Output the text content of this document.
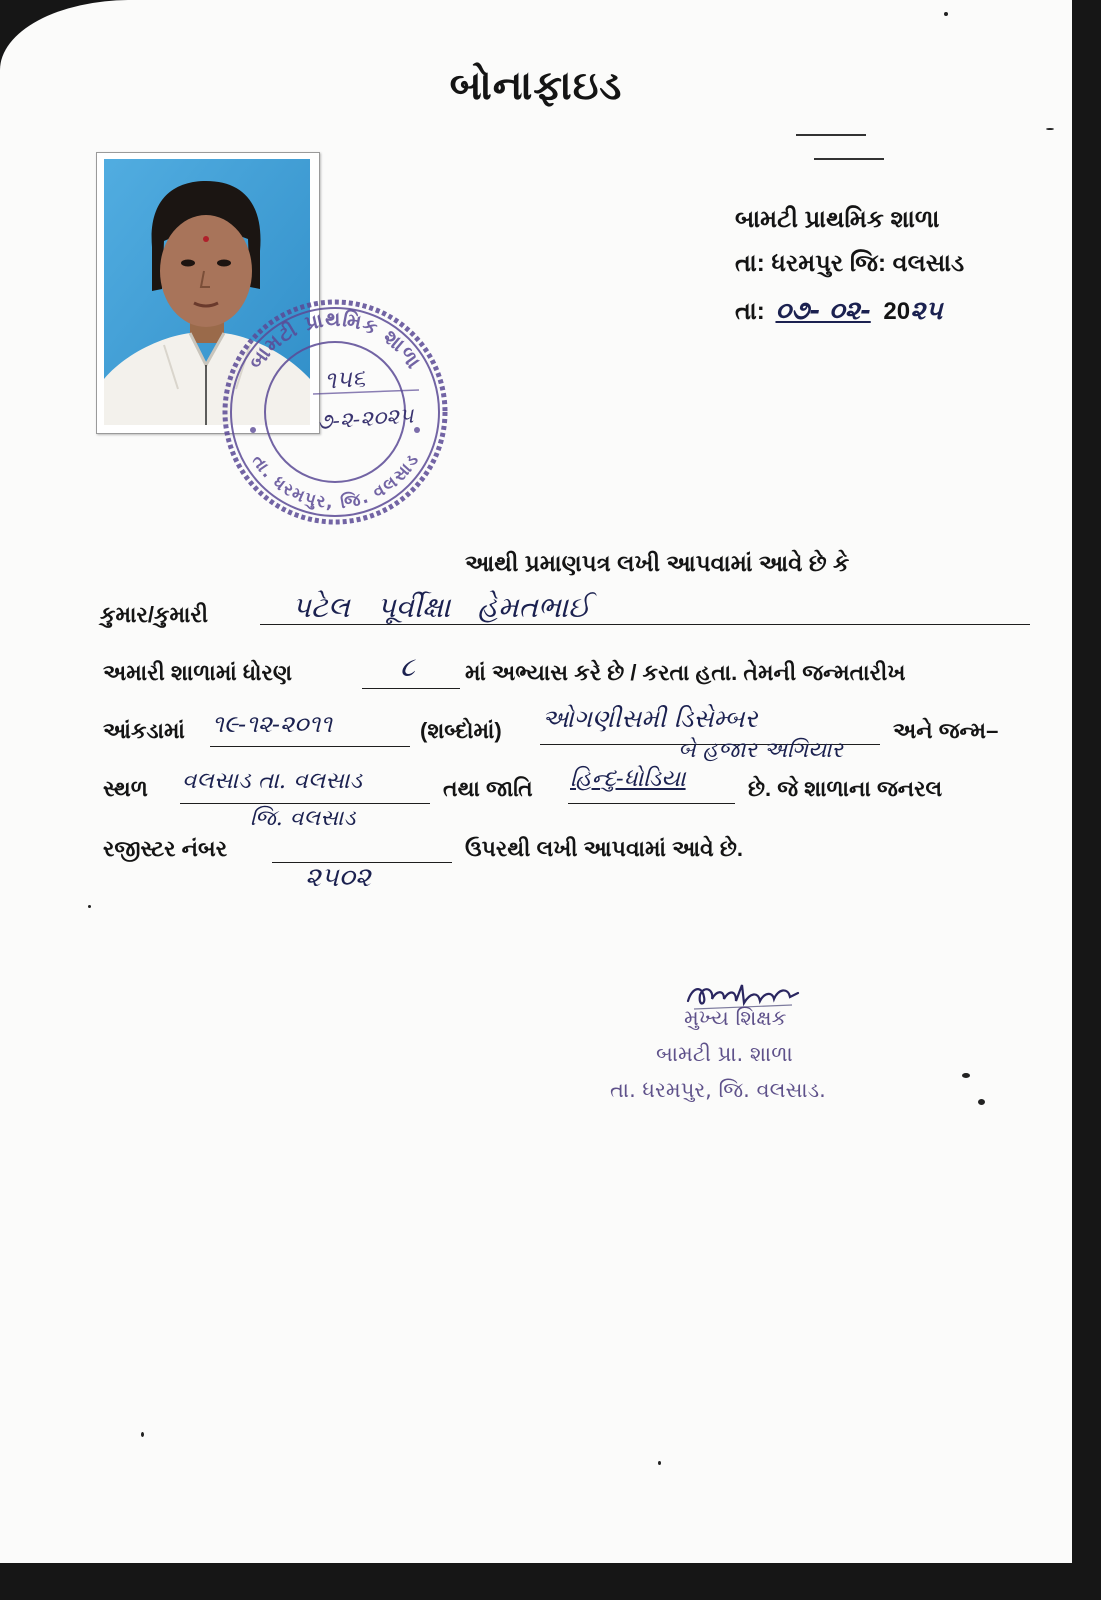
બોનાફાઇડ
બામટી પ્રાથમિક શાળા
તા: ધરમપુર જિ: વલસાડ
તા: ૦૭- ૦૨- 20૨૫
બામટી પ્રાથમિક શાળા
તા. ધરમપુર, જિ. વલસાડ
૧૫૬
૭-૨-૨૦૨૫
આથી પ્રમાણપત્ર લખી આપવામાં આવે છે કે
કુમાર/કુમારી	પટેલ પૂર્વીક્ષા હેમતભાઈ
અમારી શાળામાં ધોરણ	૮ માં અભ્યાસ કરે છે / કરતા હતા. તેમની જન્મતારીખ
આંકડામાં ૧૯-૧૨-૨૦૧૧	(શબ્દોમાં) ઓગણીસમી ડિસેમ્બર
બે હજાર અગિયાર
અને જન્મ–
સ્થળ વલસાડ તા. વલસાડ
જિ. વલસાડ
તથા જાતિ હિન્દુ-ધોડિયા	છે. જે શાળાના જનરલ
રજીસ્ટર નંબર
૨૫૦૨
ઉપરથી લખી આપવામાં આવે છે.
મુખ્ય શિક્ષક
બામટી પ્રા. શાળા
તા. ધરમપુર, જિ. વલસાડ.
